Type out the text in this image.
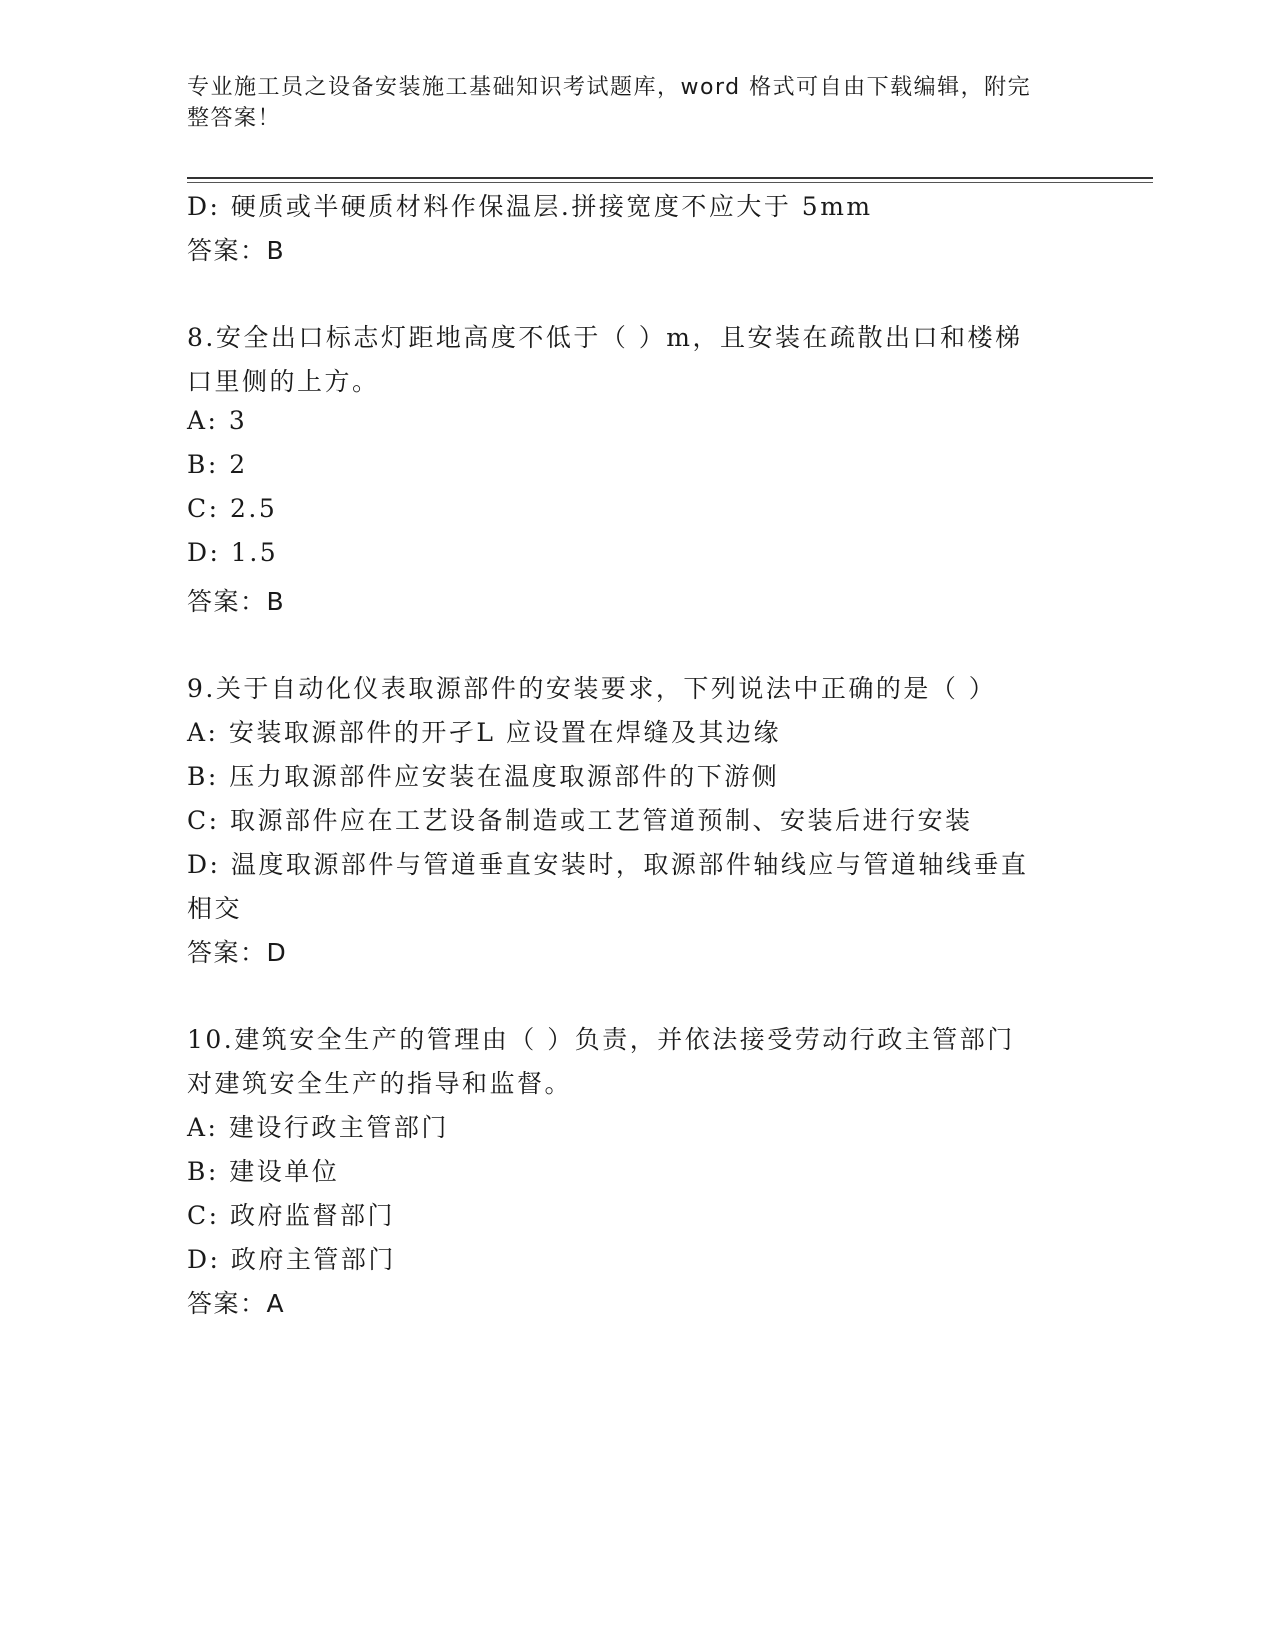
专业施工员之设备安装施工基础知识考试题库，word 格式可自由下载编辑，附完
整答案！
D: 硬质或半硬质材料作保温层.拼接宽度不应大于 5mm
答案：B
8.安全出口标志灯距地高度不低于（ ）m，且安装在疏散出口和楼梯
口里侧的上方。
A: 3
B: 2
C: 2.5
D: 1.5
答案：B
9.关于自动化仪表取源部件的安装要求，下列说法中正确的是（ ）
A: 安装取源部件的开孑L 应设置在焊缝及其边缘
B: 压力取源部件应安装在温度取源部件的下游侧
C: 取源部件应在工艺设备制造或工艺管道预制、安装后进行安装
D: 温度取源部件与管道垂直安装时，取源部件轴线应与管道轴线垂直
相交
答案：D
10.建筑安全生产的管理由（ ）负责，并依法接受劳动行政主管部门
对建筑安全生产的指导和监督。
A: 建设行政主管部门
B: 建设单位
C: 政府监督部门
D: 政府主管部门
答案：A
